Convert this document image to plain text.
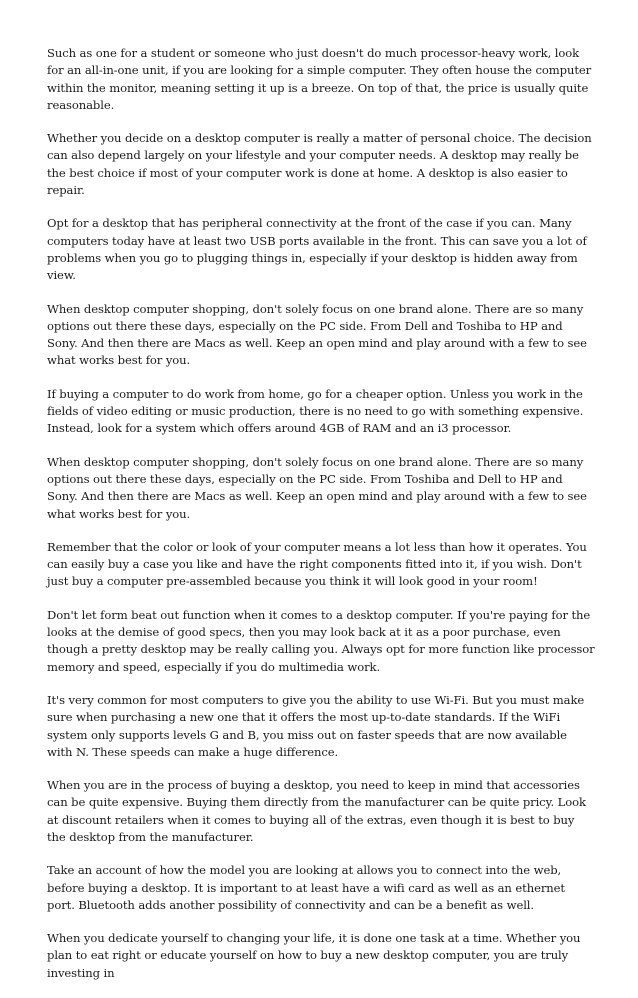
Such as one for a student or someone who just doesn't do much processor-heavy work, look for an all-in-one unit, if you are looking for a simple computer. They often house the computer within the monitor, meaning setting it up is a breeze. On top of that, the price is usually quite reasonable.

Whether you decide on a desktop computer is really a matter of personal choice. The decision can also depend largely on your lifestyle and your computer needs. A desktop may really be the best choice if most of your computer work is done at home. A desktop is also easier to repair.

Opt for a desktop that has peripheral connectivity at the front of the case if you can. Many computers today have at least two USB ports available in the front. This can save you a lot of problems when you go to plugging things in, especially if your desktop is hidden away from view.

When desktop computer shopping, don't solely focus on one brand alone. There are so many options out there these days, especially on the PC side. From Dell and Toshiba to HP and Sony. And then there are Macs as well. Keep an open mind and play around with a few to see what works best for you.

If buying a computer to do work from home, go for a cheaper option. Unless you work in the fields of video editing or music production, there is no need to go with something expensive. Instead, look for a system which offers around 4GB of RAM and an i3 processor.

When desktop computer shopping, don't solely focus on one brand alone. There are so many options out there these days, especially on the PC side. From Toshiba and Dell to HP and Sony. And then there are Macs as well. Keep an open mind and play around with a few to see what works best for you.

Remember that the color or look of your computer means a lot less than how it operates. You can easily buy a case you like and have the right components fitted into it, if you wish. Don't just buy a computer pre-assembled because you think it will look good in your room!

Don't let form beat out function when it comes to a desktop computer. If you're paying for the looks at the demise of good specs, then you may look back at it as a poor purchase, even though a pretty desktop may be really calling you. Always opt for more function like processor memory and speed, especially if you do multimedia work.

It's very common for most computers to give you the ability to use Wi-Fi. But you must make sure when purchasing a new one that it offers the most up-to-date standards. If the WiFi system only supports levels G and B, you miss out on faster speeds that are now available with N. These speeds can make a huge difference.

When you are in the process of buying a desktop, you need to keep in mind that accessories can be quite expensive. Buying them directly from the manufacturer can be quite pricy. Look at discount retailers when it comes to buying all of the extras, even though it is best to buy the desktop from the manufacturer.

Take an account of how the model you are looking at allows you to connect into the web, before buying a desktop. It is important to at least have a wifi card as well as an ethernet port. Bluetooth adds another possibility of connectivity and can be a benefit as well.

When you dedicate yourself to changing your life, it is done one task at a time. Whether you plan to eat right or educate yourself on how to buy a new desktop computer, you are truly investing in
